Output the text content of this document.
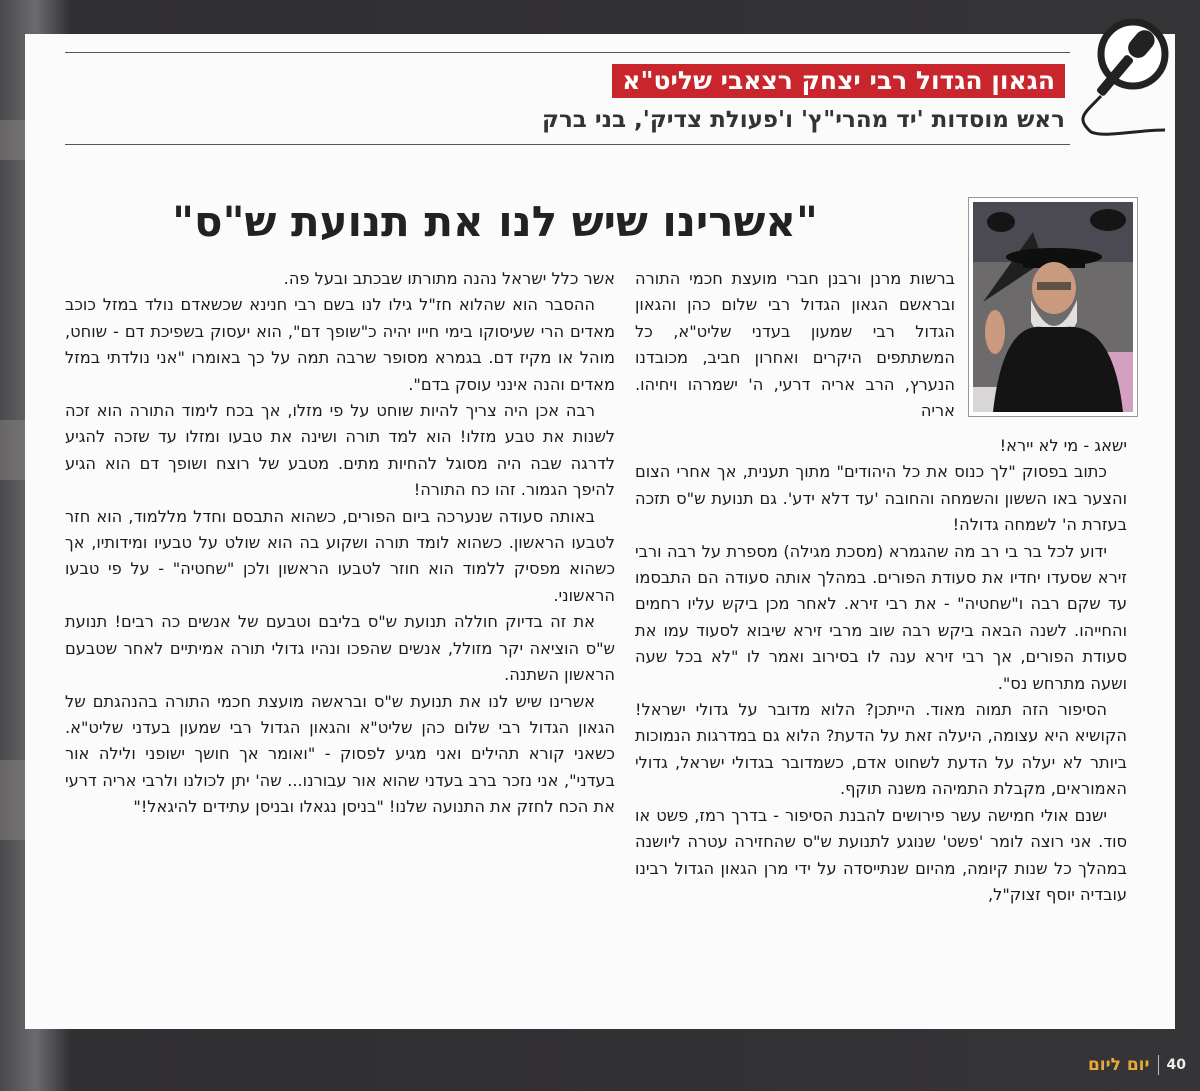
הגאון הגדול רבי יצחק רצאבי שליט"א
ראש מוסדות 'יד מהרי"ץ' ו'פעולת צדיק', בני ברק
"אשרינו שיש לנו את תנועת ש"ס"

ברשות מרנן ורבנן חברי מועצת חכמי התורה ובראשם הגאון הגדול רבי שלום כהן והגאון הגדול רבי שמעון בעדני שליט"א, כל המשתתפים היקרים ואחרון חביב, מכובדנו הנערץ, הרב אריה דרעי, ה' ישמרהו ויחיהו. אריה

ישאג - מי לא יירא!

כתוב בפסוק "לך כנוס את כל היהודים" מתוך תענית, אך אחרי הצום והצער באו הששון והשמחה והחובה 'עד דלא ידע'. גם תנועת ש"ס תזכה בעזרת ה' לשמחה גדולה!

ידוע לכל בר בי רב מה שהגמרא (מסכת מגילה) מספרת על רבה ורבי זירא שסעדו יחדיו את סעודת הפורים. במהלך אותה סעודה הם התבסמו עד שקם רבה ו"שחטיה" - את רבי זירא. לאחר מכן ביקש עליו רחמים והחייהו. לשנה הבאה ביקש רבה שוב מרבי זירא שיבוא לסעוד עמו את סעודת הפורים, אך רבי זירא ענה לו בסירוב ואמר לו "לא בכל שעה ושעה מתרחש נס".

הסיפור הזה תמוה מאוד. הייתכן? הלוא מדובר על גדולי ישראל! הקושיא היא עצומה, היעלה זאת על הדעת? הלוא גם במדרגות הנמוכות ביותר לא יעלה על הדעת לשחוט אדם, כשמדובר בגדולי ישראל, גדולי האמוראים, מקבלת התמיהה משנה תוקף.

ישנם אולי חמישה עשר פירושים להבנת הסיפור - בדרך רמז, פשט או סוד. אני רוצה לומר 'פשט' שנוגע לתנועת ש"ס שהחזירה עטרה ליושנה במהלך כל שנות קיומה, מהיום שנתייסדה על ידי מרן הגאון הגדול רבינו עובדיה יוסף זצוק"ל,

אשר כלל ישראל נהנה מתורתו שבכתב ובעל פה.

ההסבר הוא שהלוא חז"ל גילו לנו בשם רבי חנינא שכשאדם נולד במזל כוכב מאדים הרי שעיסוקו בימי חייו יהיה כ"שופך דם", הוא יעסוק בשפיכת דם - שוחט, מוהל או מקיז דם. בגמרא מסופר שרבה תמה על כך באומרו "אני נולדתי במזל מאדים והנה אינני עוסק בדם".

רבה אכן היה צריך להיות שוחט על פי מזלו, אך בכח לימוד התורה הוא זכה לשנות את טבע מזלו! הוא למד תורה ושינה את טבעו ומזלו עד שזכה להגיע לדרגה שבה היה מסוגל להחיות מתים. מטבע של רוצח ושופך דם הוא הגיע להיפך הגמור. זהו כח התורה!

באותה סעודה שנערכה ביום הפורים, כשהוא התבסם וחדל מללמוד, הוא חזר לטבעו הראשון. כשהוא לומד תורה ושקוע בה הוא שולט על טבעיו ומידותיו, אך כשהוא מפסיק ללמוד הוא חוזר לטבעו הראשון ולכן "שחטיה" - על פי טבעו הראשוני.

את זה בדיוק חוללה תנועת ש"ס בליבם וטבעם של אנשים כה רבים! תנועת ש"ס הוציאה יקר מזולל, אנשים שהפכו ונהיו גדולי תורה אמיתיים לאחר שטבעם הראשון השתנה.

אשרינו שיש לנו את תנועת ש"ס ובראשה מועצת חכמי התורה בהנהגתם של הגאון הגדול רבי שלום כהן שליט"א והגאון הגדול רבי שמעון בעדני שליט"א. כשאני קורא תהילים ואני מגיע לפסוק - "ואומר אך חושך ישופני ולילה אור בעדני", אני נזכר ברב בעדני שהוא אור עבורנו... שה' יתן לכולנו ולרבי אריה דרעי את הכח לחזק את התנועה שלנו! "בניסן נגאלו ובניסן עתידים להיגאל!"

יום ליום 40
